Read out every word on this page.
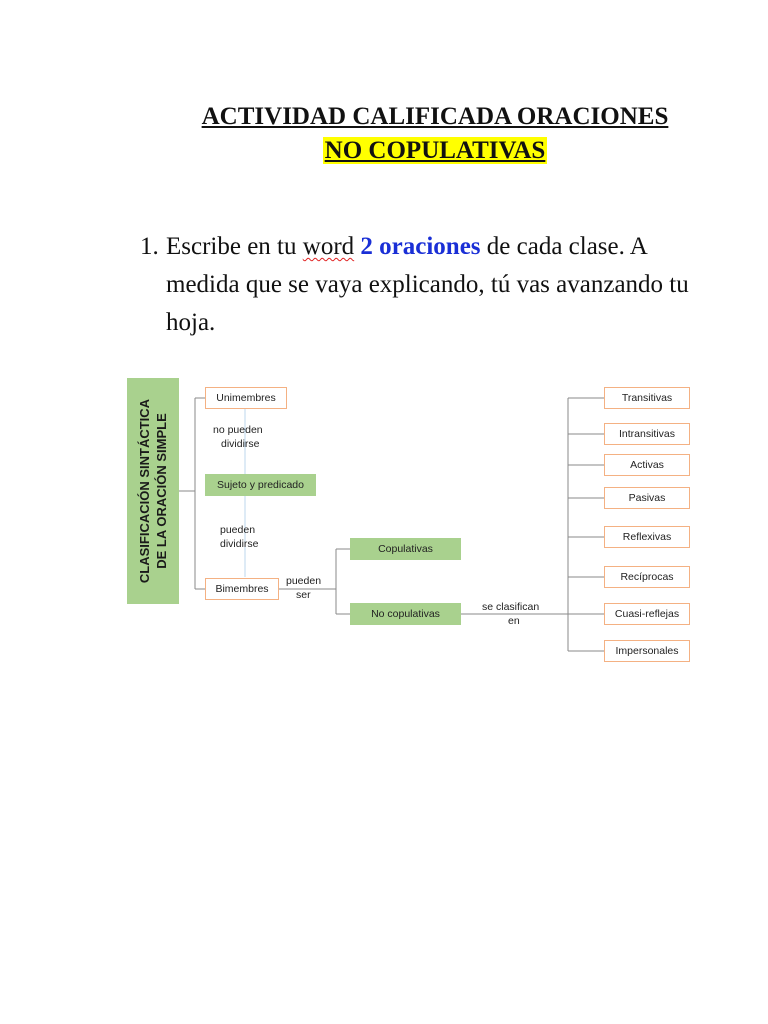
ACTIVIDAD CALIFICADA ORACIONES
NO COPULATIVAS
1. Escribe en tu word 2 oraciones de cada clase. A medida que se vaya explicando, tú vas avanzando tu hoja.
CLASIFICACIÓN SINTÁCTICA DE LA ORACIÓN SIMPLE
Unimembres
no pueden
dividirse
Sujeto y predicado
pueden
dividirse
Bimembres
pueden
ser
Copulativas
No copulativas
se clasifican
en
Transitivas
Intransitivas
Activas
Pasivas
Reflexivas
Recíprocas
Cuasi-reflejas
Impersonales
